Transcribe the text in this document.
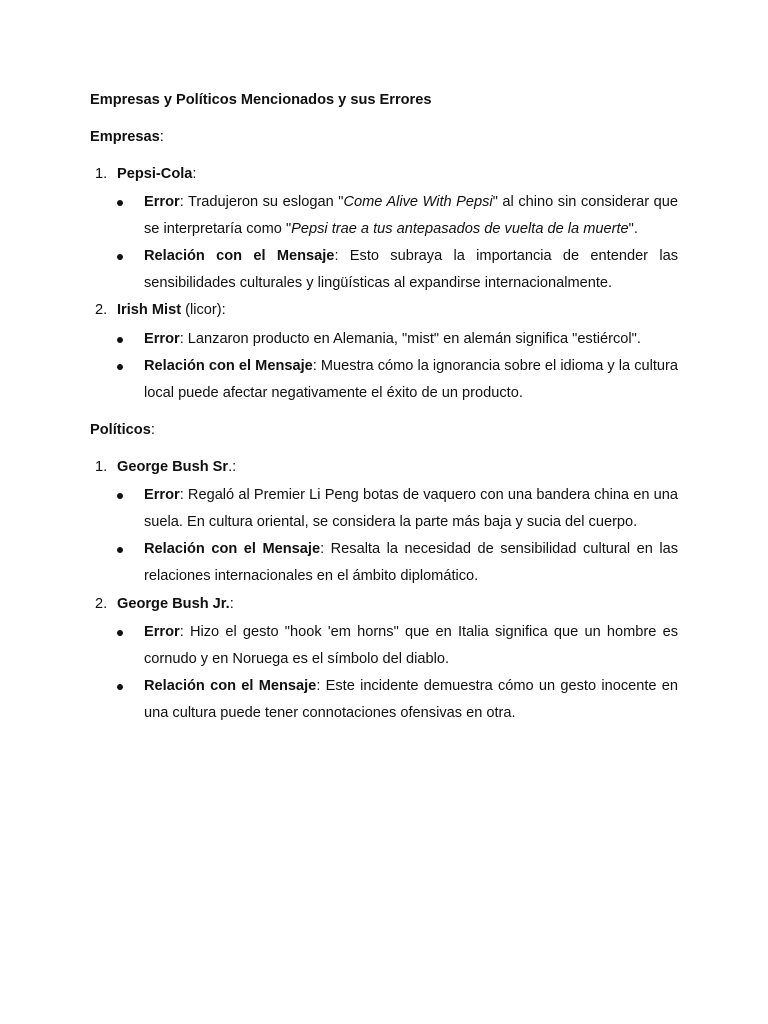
Empresas y Políticos Mencionados y sus Errores

Empresas:

1. Pepsi-Cola:

Error: Tradujeron su eslogan "Come Alive With Pepsi" al chino sin considerar que se interpretaría como "Pepsi trae a tus antepasados de vuelta de la muerte".
Relación con el Mensaje: Esto subraya la importancia de entender las sensibilidades culturales y lingüísticas al expandirse internacionalmente.

2. Irish Mist (licor):

Error: Lanzaron producto en Alemania, "mist" en alemán significa "estiércol".
Relación con el Mensaje: Muestra cómo la ignorancia sobre el idioma y la cultura local puede afectar negativamente el éxito de un producto.

Políticos:

1. George Bush Sr.:

Error: Regaló al Premier Li Peng botas de vaquero con una bandera china en una suela. En cultura oriental, se considera la parte más baja y sucia del cuerpo.
Relación con el Mensaje: Resalta la necesidad de sensibilidad cultural en las relaciones internacionales en el ámbito diplomático.

2. George Bush Jr.:

Error: Hizo el gesto "hook 'em horns" que en Italia significa que un hombre es cornudo y en Noruega es el símbolo del diablo.
Relación con el Mensaje: Este incidente demuestra cómo un gesto inocente en una cultura puede tener connotaciones ofensivas en otra.
